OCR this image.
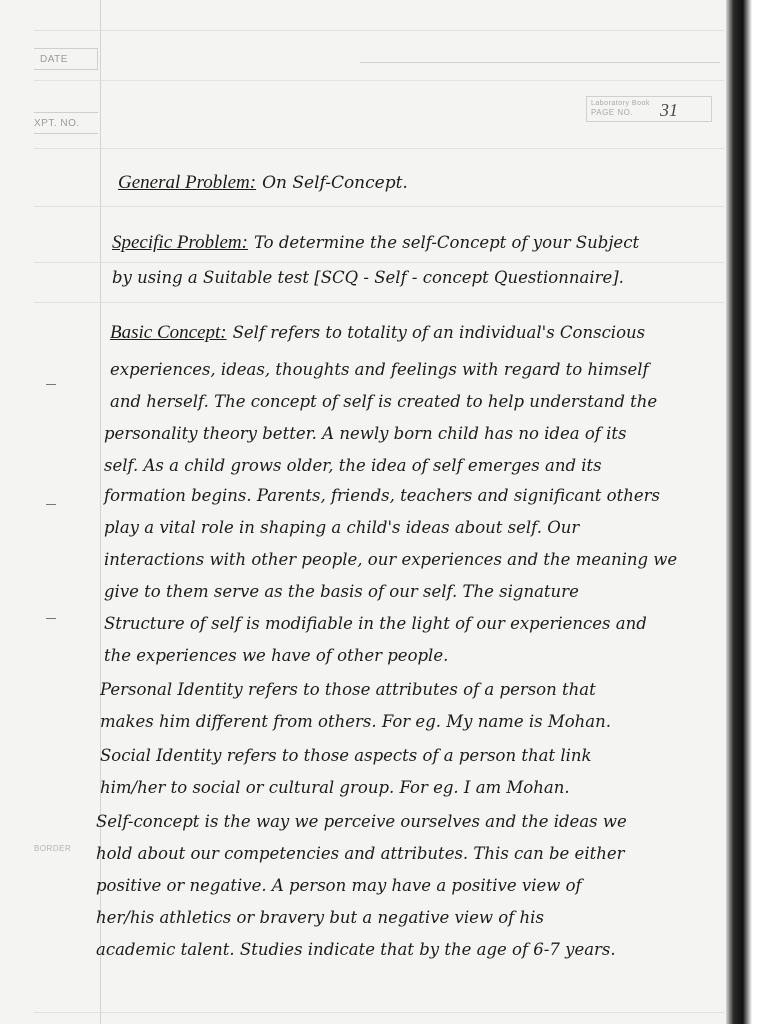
DATE
XPT. NO.
Laboratory Book
PAGE NO.	31
BORDER
General Problem: On Self-Concept.
Specific Problem: To determine the self-Concept of your Subject
by using a Suitable test [SCQ - Self - concept Questionnaire].
Basic Concept: Self refers to totality of an individual's Conscious
experiences, ideas, thoughts and feelings with regard to himself
and herself. The concept of self is created to help understand the
personality theory better. A newly born child has no idea of its
self. As a child grows older, the idea of self emerges and its
formation begins. Parents, friends, teachers and significant others
play a vital role in shaping a child's ideas about self. Our
interactions with other people, our experiences and the meaning we
give to them serve as the basis of our self. The signature
Structure of self is modifiable in the light of our experiences and
the experiences we have of other people.
Personal Identity refers to those attributes of a person that
makes him different from others. For eg. My name is Mohan.
Social Identity refers to those aspects of a person that link
him/her to social or cultural group. For eg. I am Mohan.
Self-concept is the way we perceive ourselves and the ideas we
hold about our competencies and attributes. This can be either
positive or negative. A person may have a positive view of
her/his athletics or bravery but a negative view of his
academic talent. Studies indicate that by the age of 6-7 years.
